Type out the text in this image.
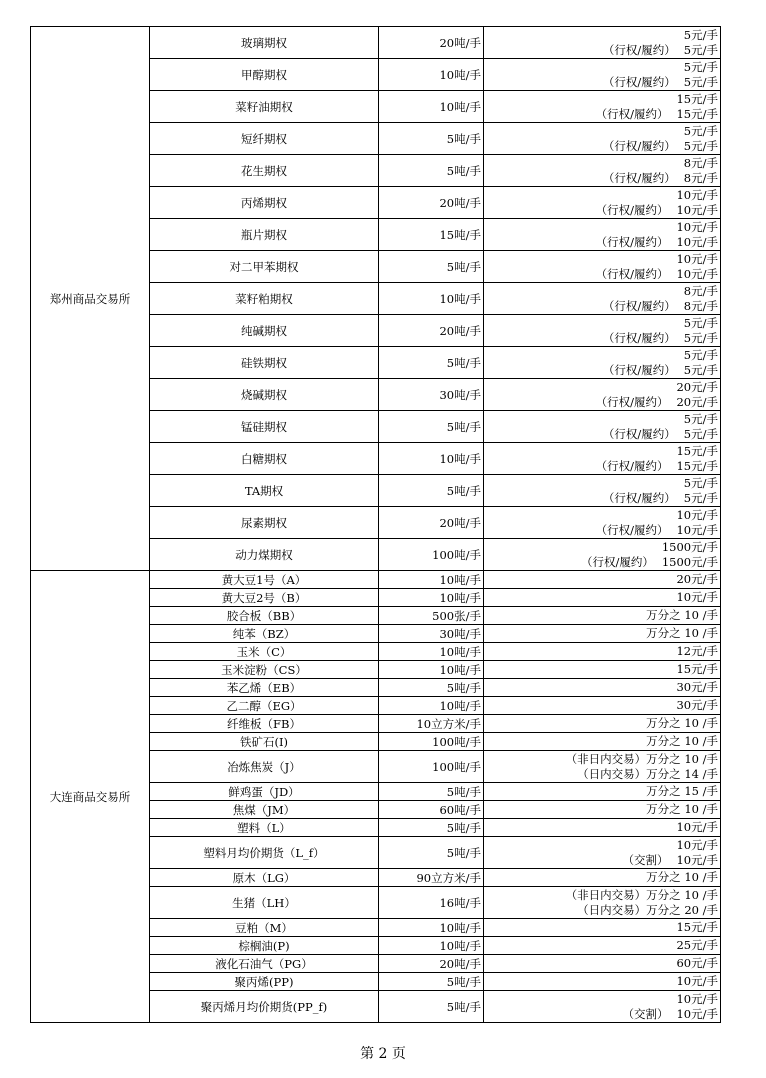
郑州商品交易所	玻璃期权	20吨/手	5元/手
（行权/履约） 5元/手

	甲醇期权	10吨/手	5元/手
（行权/履约） 5元/手

	菜籽油期权	10吨/手	15元/手
（行权/履约） 15元/手

	短纤期权	5吨/手	5元/手
（行权/履约） 5元/手

	花生期权	5吨/手	8元/手
（行权/履约） 8元/手

	丙烯期权	20吨/手	10元/手
（行权/履约） 10元/手

	瓶片期权	15吨/手	10元/手
（行权/履约） 10元/手

	对二甲苯期权	5吨/手	10元/手
（行权/履约） 10元/手

	菜籽粕期权	10吨/手	8元/手
（行权/履约） 8元/手

	纯碱期权	20吨/手	5元/手
（行权/履约） 5元/手

	硅铁期权	5吨/手	5元/手
（行权/履约） 5元/手

	烧碱期权	30吨/手	20元/手
（行权/履约） 20元/手

	锰硅期权	5吨/手	5元/手
（行权/履约） 5元/手

	白糖期权	10吨/手	15元/手
（行权/履约） 15元/手

	TA期权	5吨/手	5元/手
（行权/履约） 5元/手

	尿素期权	20吨/手	10元/手
（行权/履约） 10元/手

	动力煤期权	100吨/手	1500元/手
（行权/履约） 1500元/手

大连商品交易所	黄大豆1号（A）	10吨/手	20元/手

	黄大豆2号（B）	10吨/手	10元/手

	胶合板（BB）	500张/手	万分之 10 /手

	纯苯（BZ）	30吨/手	万分之 10 /手

	玉米（C）	10吨/手	12元/手

	玉米淀粉（CS）	10吨/手	15元/手

	苯乙烯（EB）	5吨/手	30元/手

	乙二醇（EG）	10吨/手	30元/手

	纤维板（FB）	10立方米/手	万分之 10 /手

	铁矿石(I)	100吨/手	万分之 10 /手

	冶炼焦炭（J）	100吨/手	（非日内交易）万分之 10 /手
（日内交易）万分之 14 /手

	鲜鸡蛋（JD）	5吨/手	万分之 15 /手

	焦煤（JM）	60吨/手	万分之 10 /手

	塑料（L）	5吨/手	10元/手

	塑料月均价期货（L_f）	5吨/手	10元/手
（交割） 10元/手

	原木（LG）	90立方米/手	万分之 10 /手

	生猪（LH）	16吨/手	（非日内交易）万分之 10 /手
（日内交易）万分之 20 /手

	豆粕（M）	10吨/手	15元/手

	棕榈油(P)	10吨/手	25元/手

	液化石油气（PG）	20吨/手	60元/手

	聚丙烯(PP)	5吨/手	10元/手

	聚丙烯月均价期货(PP_f)	5吨/手	10元/手
（交割） 10元/手
第 2 页
